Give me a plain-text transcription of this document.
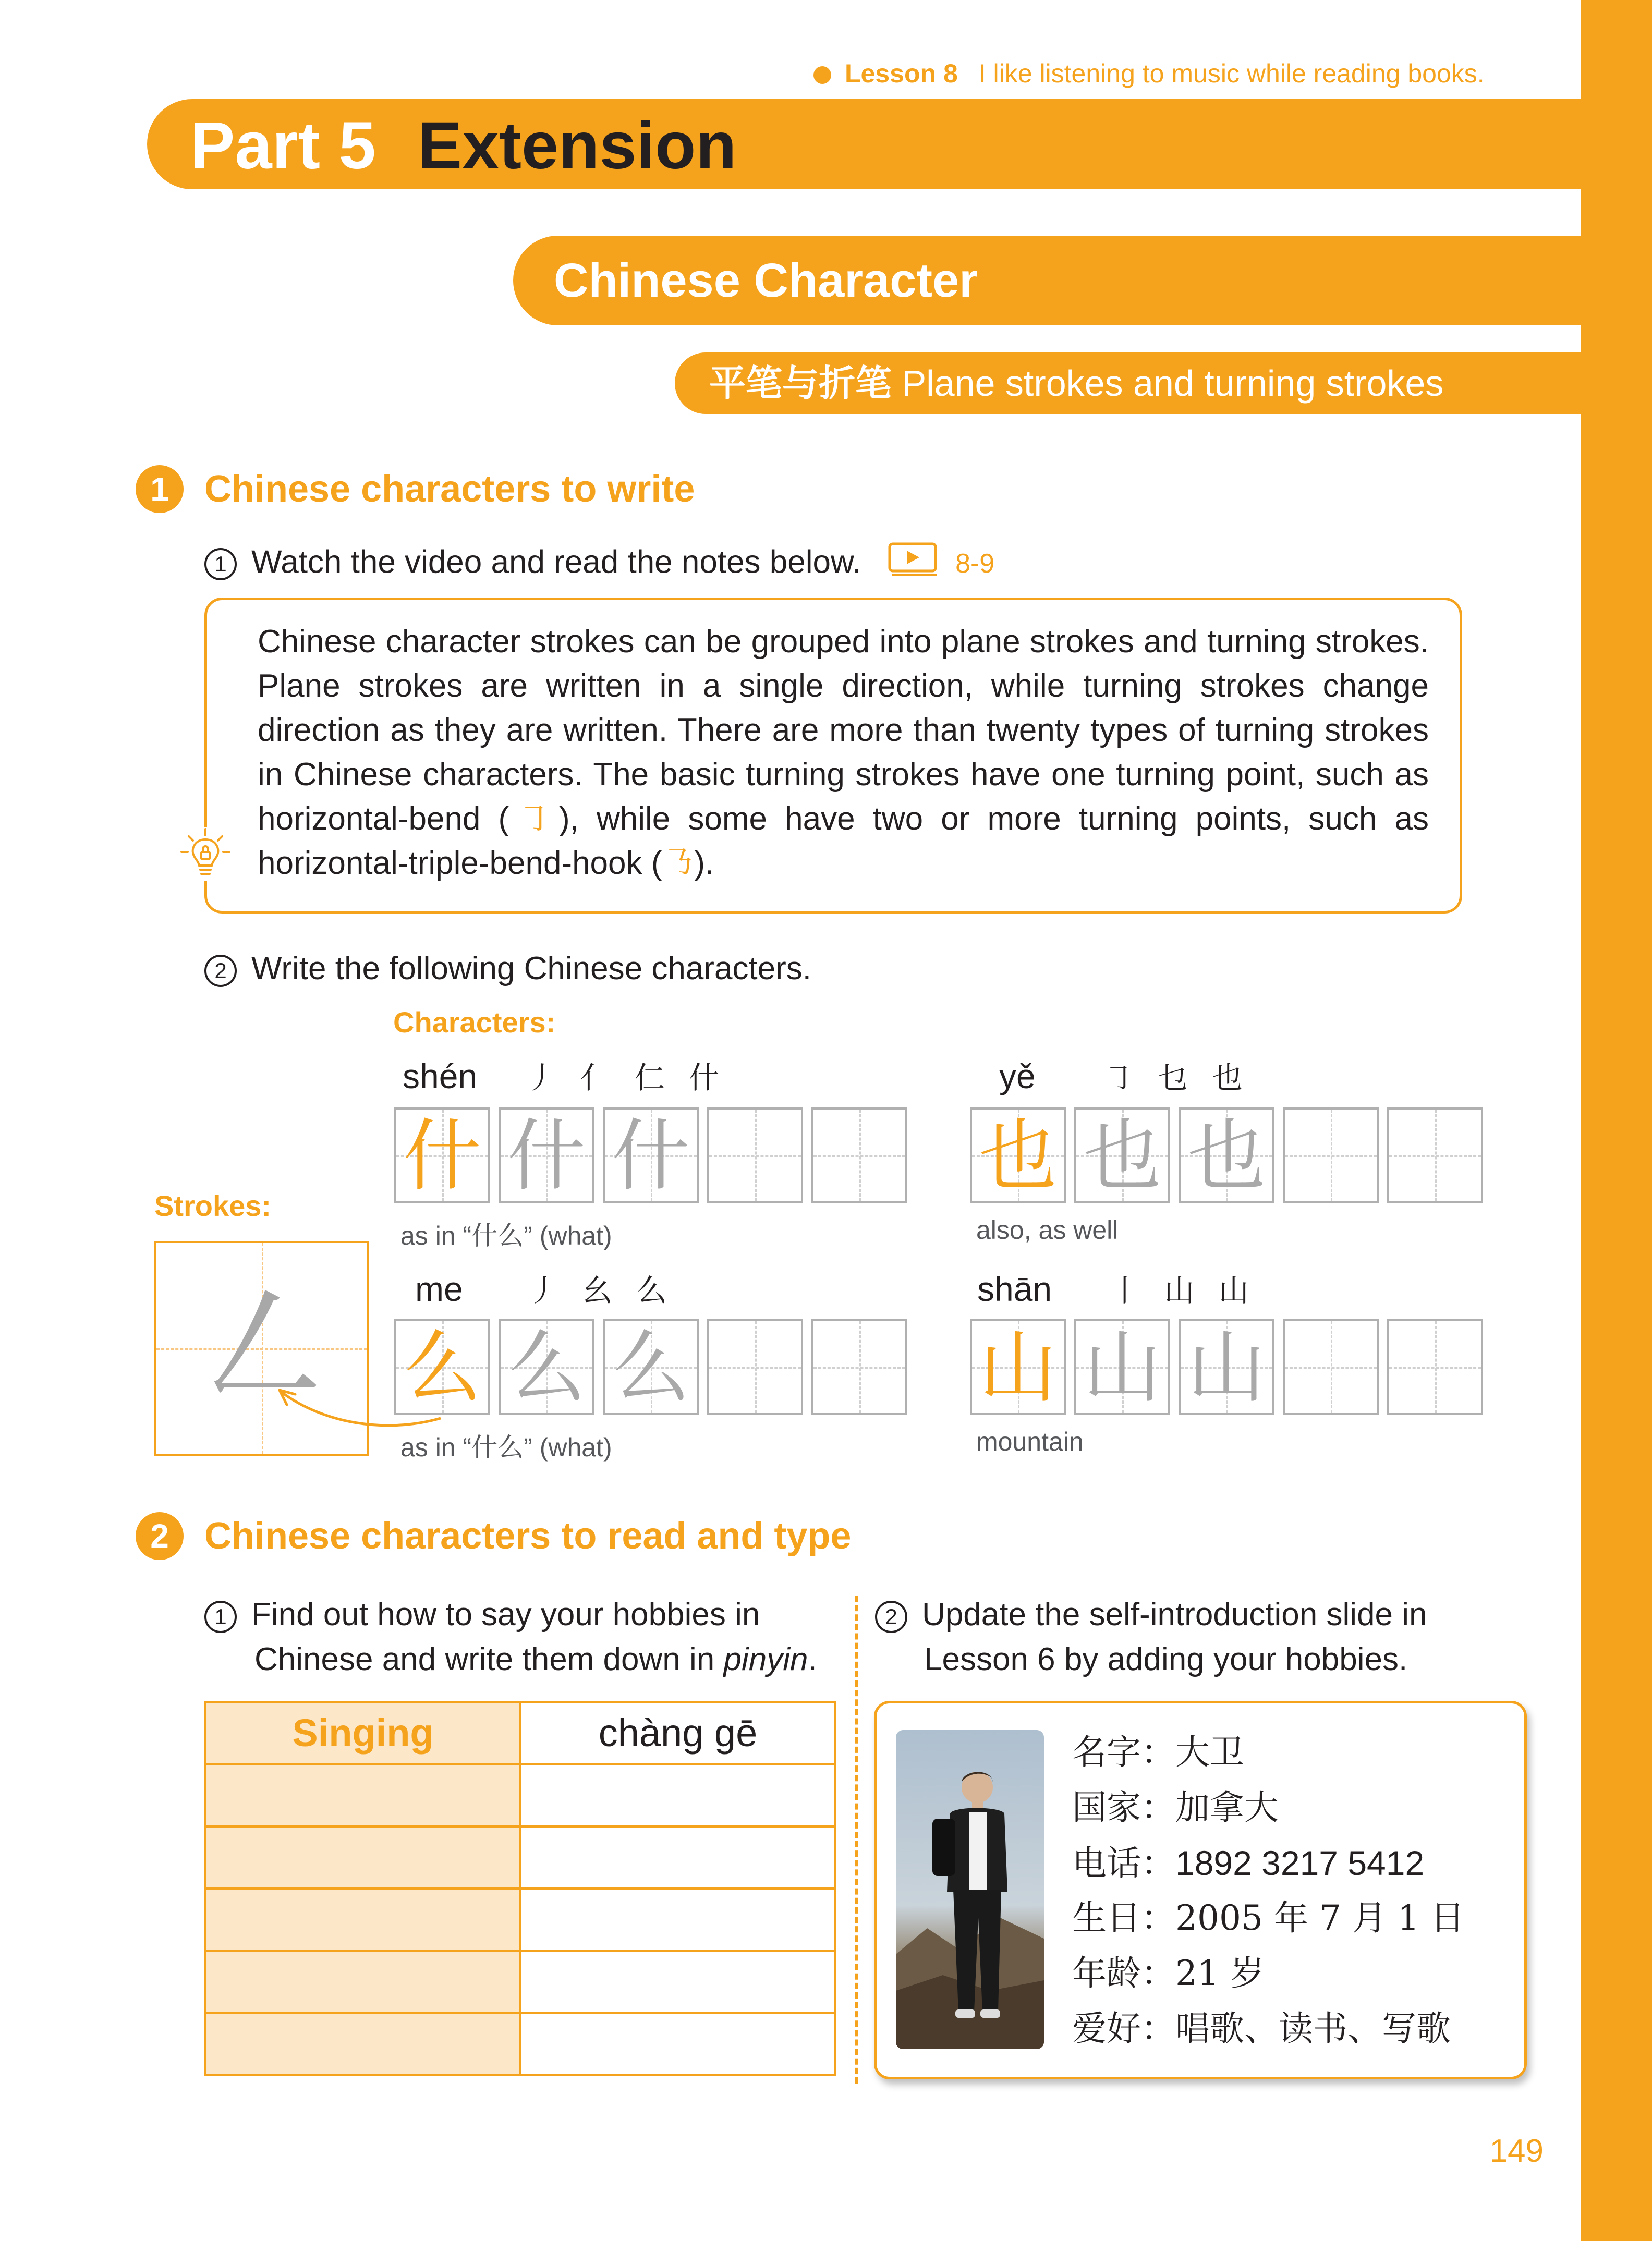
Lesson 8 I like listening to music while reading books.
Part 5 Extension
Chinese Character
平笔与折笔 Plane strokes and turning strokes
1 Chinese characters to write
1 Watch the video and read the notes below.	8-9
Chinese character strokes can be grouped into plane strokes and turning strokes. Plane strokes are written in a single direction, while turning strokes change direction as they are written. There are more than twenty types of turning strokes in Chinese characters. The basic turning strokes have one turning point, such as horizontal-bend (㇆), while some have two or more turning points, such as horizontal-triple-bend-hook (㇡).
2 Write the following Chinese characters.
Characters:
Strokes:
㇜
shén 丿 亻 仁 什
什 什 什
as in “什么” (what)
yě ㇆ 乜 也
也 也 也
also, as well
me 丿 幺 么
么 么 么
as in “什么” (what)
shān 丨 山 山
山 山 山
mountain
2 Chinese characters to read and type
1 Find out how to say your hobbies in
Chinese and write them down in pinyin.
2 Update the self-introduction slide in
Lesson 6 by adding your hobbies.
Singing	chàng gē

		名字：大卫
国家：加拿大
电话：1892 3217 5412
生日：2005 年 7 月 1 日
年龄：21 岁
爱好：唱歌、读书、写歌
149
